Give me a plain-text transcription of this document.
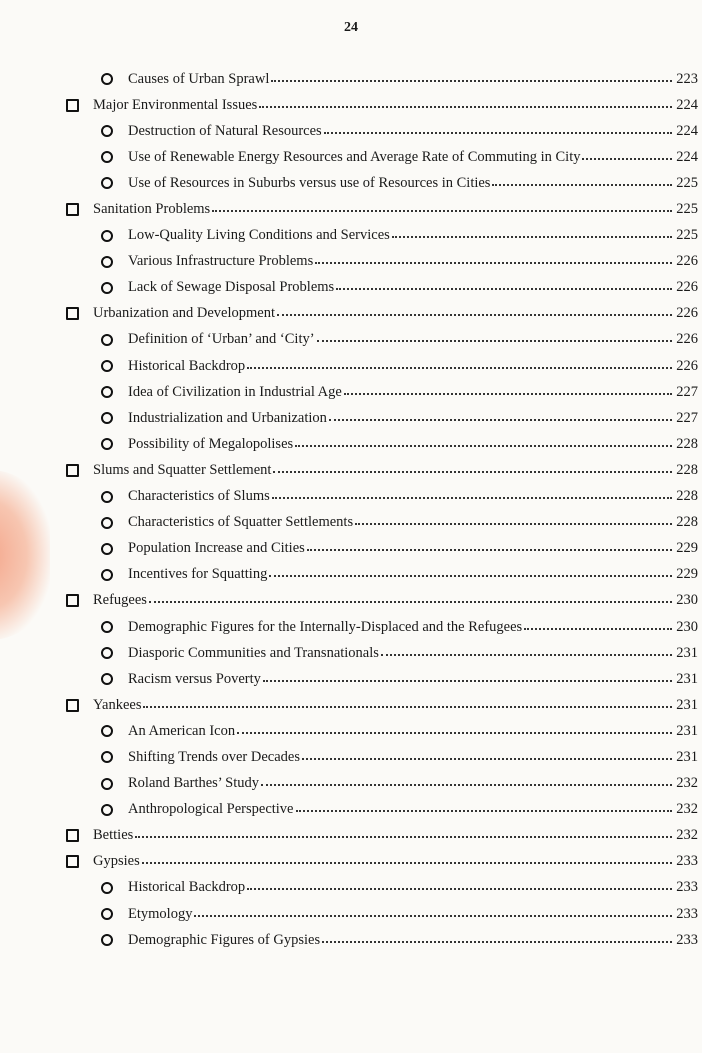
24
Causes of Urban Sprawl	223
Major Environmental Issues	224
Destruction of Natural Resources	224
Use of Renewable Energy Resources and Average Rate of Commuting in City	224
Use of Resources in Suburbs versus use of Resources in Cities	225
Sanitation Problems	225
Low-Quality Living Conditions and Services	225
Various Infrastructure Problems	226
Lack of Sewage Disposal Problems	226
Urbanization and Development	226
Definition of ‘Urban’ and ‘City’	226
Historical Backdrop	226
Idea of Civilization in Industrial Age	227
Industrialization and Urbanization	227
Possibility of Megalopolises	228
Slums and Squatter Settlement	228
Characteristics of Slums	228
Characteristics of Squatter Settlements	228
Population Increase and Cities	229
Incentives for Squatting	229
Refugees	230
Demographic Figures for the Internally-Displaced and the Refugees	230
Diasporic Communities and Transnationals	231
Racism versus Poverty	231
Yankees	231
An American Icon	231
Shifting Trends over Decades	231
Roland Barthes’ Study	232
Anthropological Perspective	232
Betties	232
Gypsies	233
Historical Backdrop	233
Etymology	233
Demographic Figures of Gypsies	233
